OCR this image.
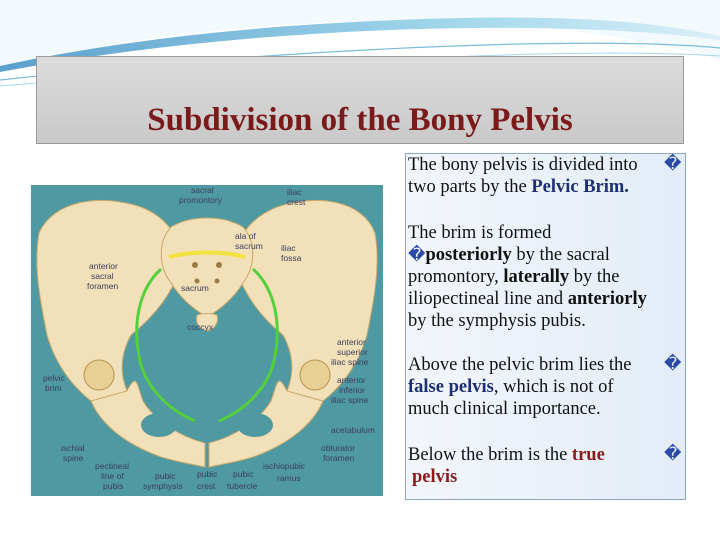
Subdivision of the Bony Pelvis
sacral
promontory
iliac
crest
ala of
sacrum iliac
fossa
anterior
sacral
foramen	sacrum
coccyx
anterior
superior
iliac spine
anterior
inferior
iliac spine
pelvic
brim
acetabulum
obturator
foramen
ischial
spine
pectineal
line of
pubis
pubic
symphysis
pubic
crest
pubic
tubercle
ischiopubic
ramus
The bony pelvis is divided into two parts by the Pelvic Brim.
�
The brim is formed �posteriorly by the sacral promontory, laterally by the iliopectineal line and anteriorly by the symphysis pubis.
Above the pelvic brim lies the false pelvis, which is not of much clinical importance.
�
Below the brim is the true
pelvis
�
